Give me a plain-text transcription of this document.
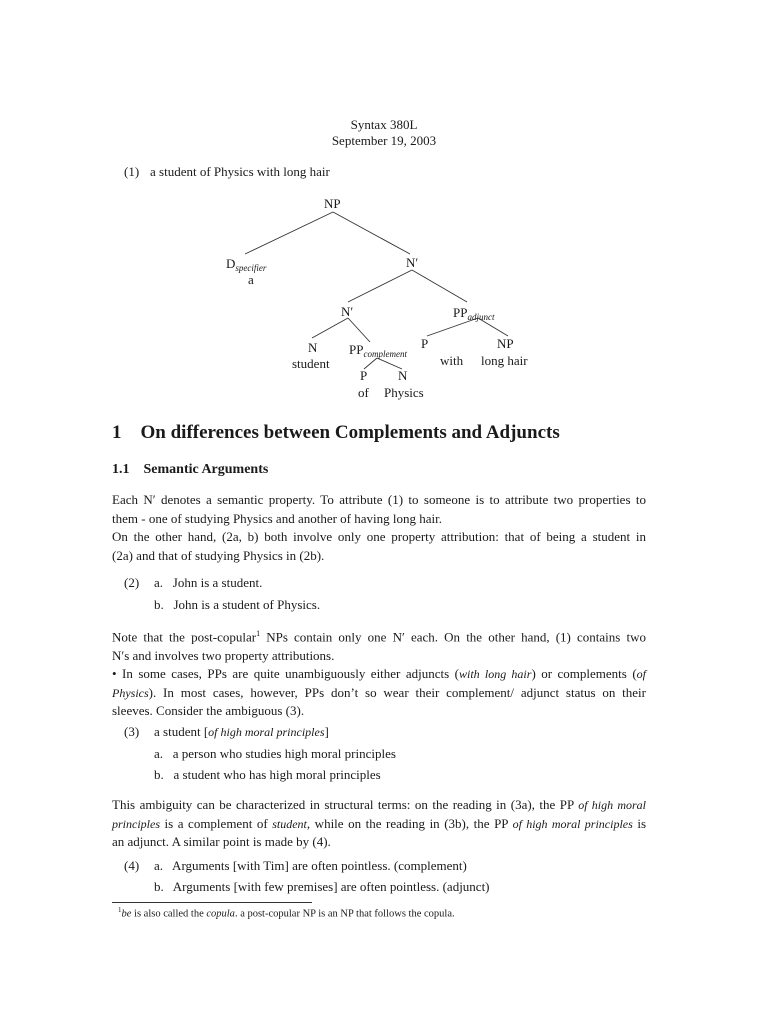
Syntax 380L
September 19, 2003
(1) a student of Physics with long hair
NP
$D_{specifier}$
a
N′
N′	$PP_{adjunct}$
N
student
$PP_{complement}$
P
of
N
Physics
P
with
NP
long hair
1    On differences between Complements and Adjuncts
1.1    Semantic Arguments
Each N′ denotes a semantic property. To attribute (1) to someone is to attribute two properties to
them - one of studying Physics and another of having long hair.
On the other hand, (2a, b) both involve only one property attribution: that of being a student in
(2a) and that of studying Physics in (2b).
(2) a.   John is a student.
b.   John is a student of Physics.
Note that the post-copular$^1$ NPs contain only one N′ each. On the other hand, (1) contains two
N′s and involves two property attributions.
• In some cases, PPs are quite unambiguously either adjuncts (with long hair) or complements (of
Physics). In most cases, however, PPs don’t so wear their complement/ adjunct status on their
sleeves. Consider the ambiguous (3).
(3) a student [of high moral principles]
a.   a person who studies high moral principles
b.   a student who has high moral principles
This ambiguity can be characterized in structural terms: on the reading in (3a), the PP of high moral
principles is a complement of student, while on the reading in (3b), the PP of high moral principles is
an adjunct. A similar point is made by (4).
(4) a.   Arguments [with Tim] are often pointless. (complement)
b.   Arguments [with few premises] are often pointless. (adjunct)
$^1$be is also called the copula. a post-copular NP is an NP that follows the copula.
